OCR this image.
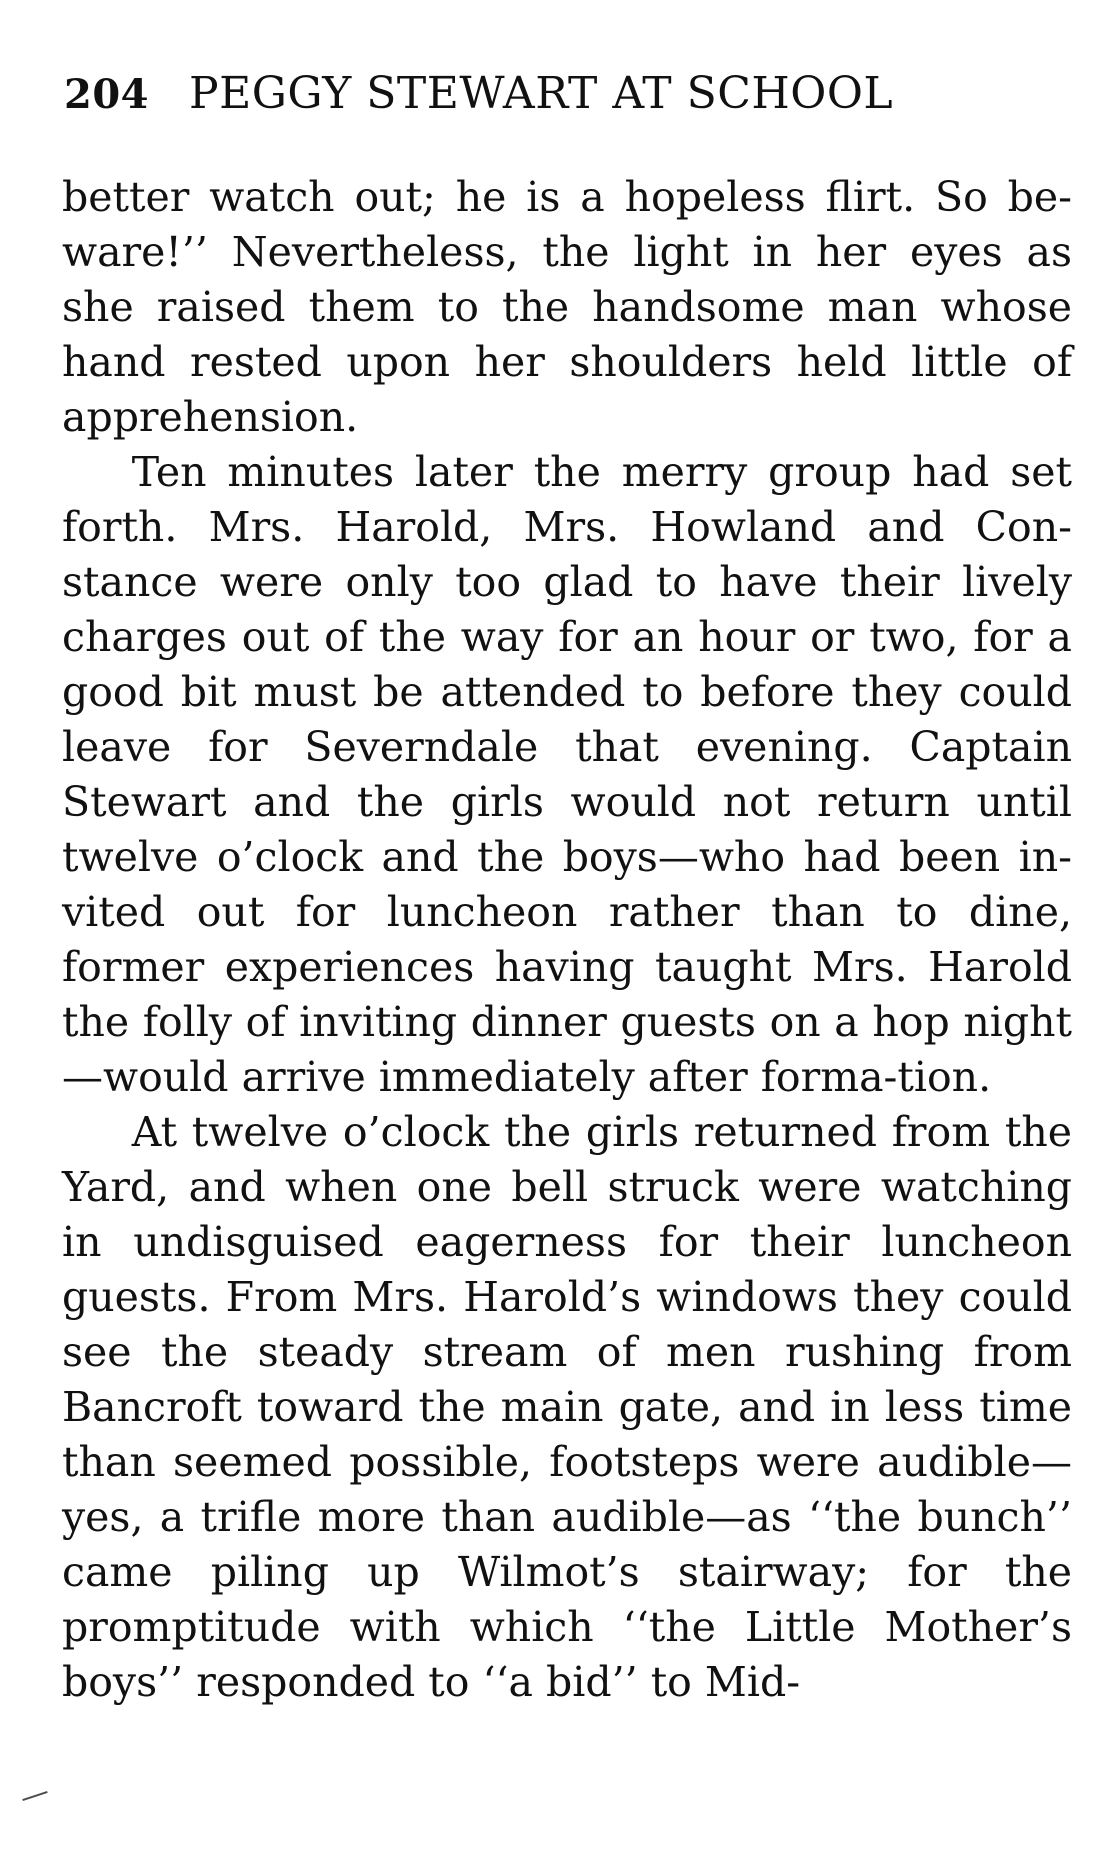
204 PEGGY STEWART AT SCHOOL

better watch out; he is a hopeless flirt. So be-ware!’’ Nevertheless, the light in her eyes as she raised them to the handsome man whose hand rested upon her shoulders held little of apprehension.

Ten minutes later the merry group had set forth. Mrs. Harold, Mrs. Howland and Con-stance were only too glad to have their lively charges out of the way for an hour or two, for a good bit must be attended to before they could leave for Severndale that evening. Captain Stewart and the girls would not return until twelve o’clock and the boys—who had been in-vited out for luncheon rather than to dine, former experiences having taught Mrs. Harold the folly of inviting dinner guests on a hop night—would arrive immediately after forma-tion.

At twelve o’clock the girls returned from the Yard, and when one bell struck were watching in undisguised eagerness for their luncheon guests. From Mrs. Harold’s windows they could see the steady stream of men rushing from Bancroft toward the main gate, and in less time than seemed possible, footsteps were audible—yes, a trifle more than audible—as ‘‘the bunch’’ came piling up Wilmot’s stairway; for the promptitude with which ‘‘the Little Mother’s boys’’ responded to ‘‘a bid’’ to Mid-
